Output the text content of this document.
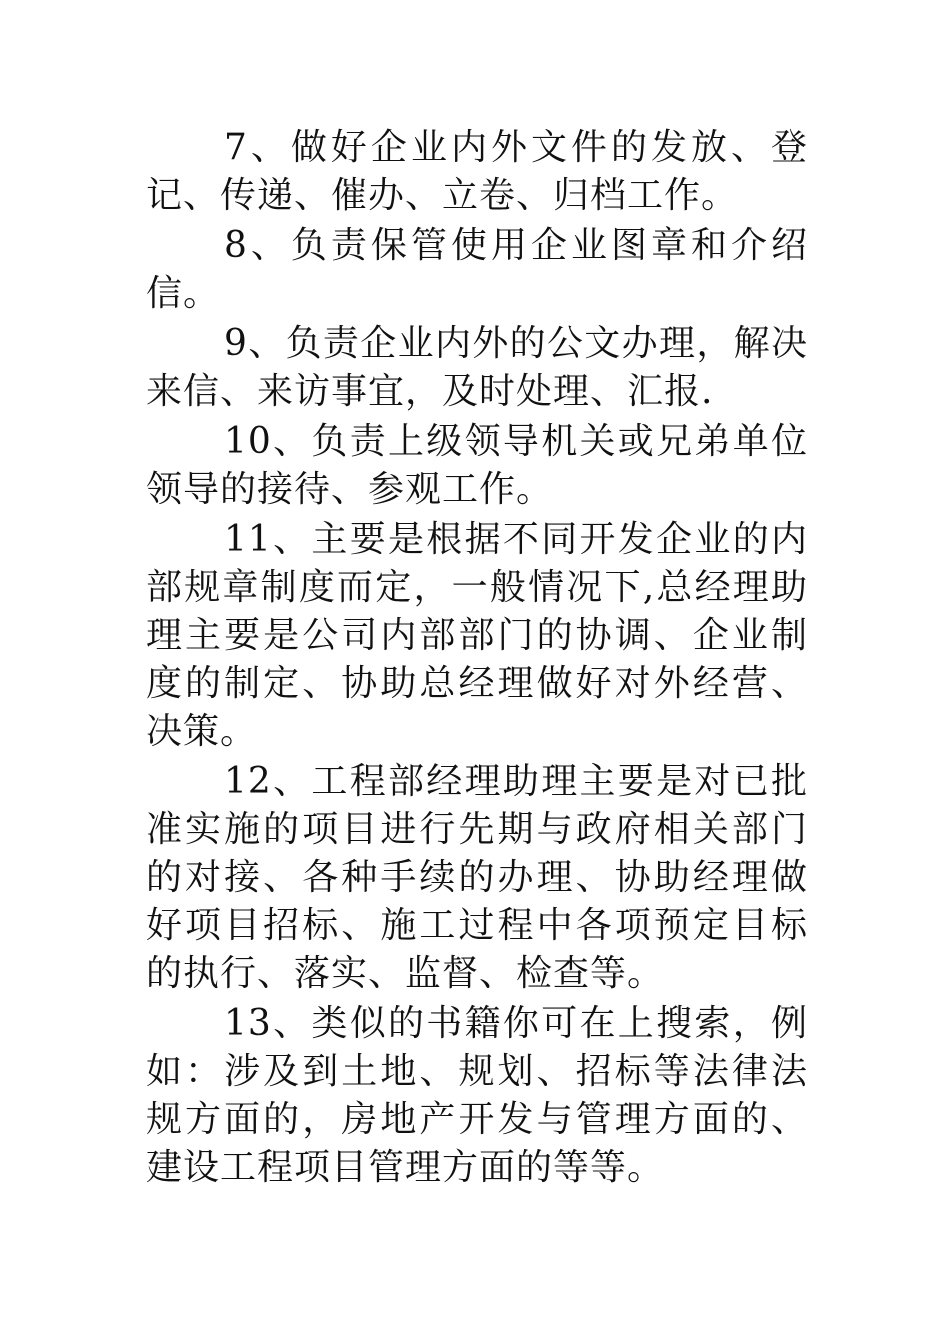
7、做好企业内外文件的发放、登记、传递、催办、立卷、归档工作。

8、负责保管使用企业图章和介绍信。

9、负责企业内外的公文办理，解决来信、来访事宜，及时处理、汇报.

10、负责上级领导机关或兄弟单位领导的接待、参观工作。

11、主要是根据不同开发企业的内部规章制度而定，一般情况下,总经理助理主要是公司内部部门的协调、企业制度的制定、协助总经理做好对外经营、决策。

12、工程部经理助理主要是对已批准实施的项目进行先期与政府相关部门的对接、各种手续的办理、协助经理做好项目招标、施工过程中各项预定目标的执行、落实、监督、检查等。

13、类似的书籍你可在上搜索，例如：涉及到土地、规划、招标等法律法规方面的，房地产开发与管理方面的、建设工程项目管理方面的等等。
